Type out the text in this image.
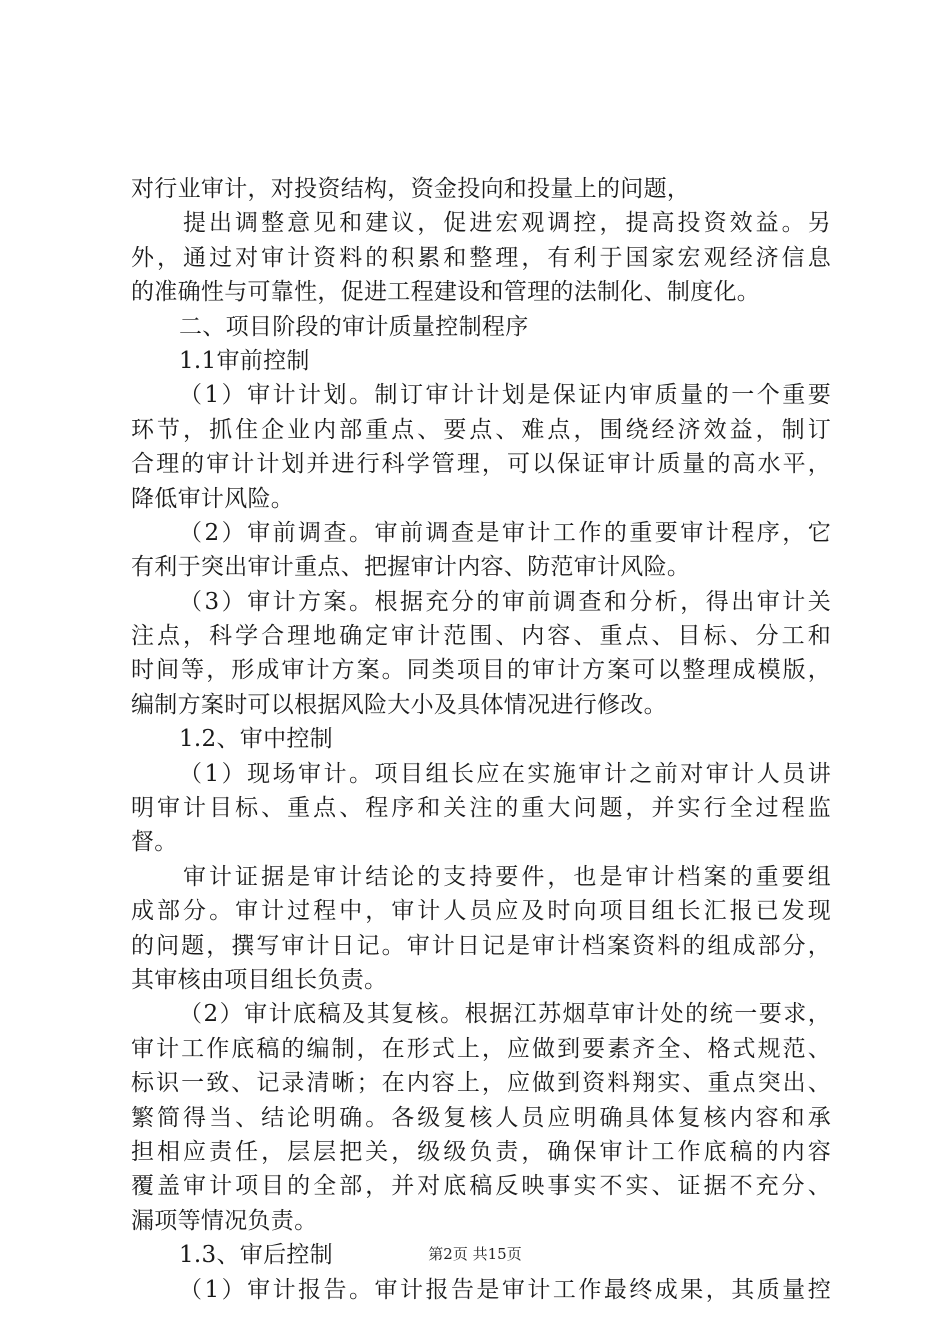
对行业审计，对投资结构，资金投向和投量上的问题，
提出调整意见和建议，促进宏观调控，提高投资效益。另
外，通过对审计资料的积累和整理，有利于国家宏观经济信息
的准确性与可靠性，促进工程建设和管理的法制化、制度化。
二、项目阶段的审计质量控制程序
1.1审前控制
（1）审计计划。制订审计计划是保证内审质量的一个重要
环节，抓住企业内部重点、要点、难点，围绕经济效益，制订
合理的审计计划并进行科学管理，可以保证审计质量的高水平，
降低审计风险。
（2）审前调查。审前调查是审计工作的重要审计程序，它
有利于突出审计重点、把握审计内容、防范审计风险。
（3）审计方案。根据充分的审前调查和分析，得出审计关
注点，科学合理地确定审计范围、内容、重点、目标、分工和
时间等，形成审计方案。同类项目的审计方案可以整理成模版，
编制方案时可以根据风险大小及具体情况进行修改。
1.2、审中控制
（1）现场审计。项目组长应在实施审计之前对审计人员讲
明审计目标、重点、程序和关注的重大问题，并实行全过程监
督。
审计证据是审计结论的支持要件，也是审计档案的重要组
成部分。审计过程中，审计人员应及时向项目组长汇报已发现
的问题，撰写审计日记。审计日记是审计档案资料的组成部分，
其审核由项目组长负责。
（2）审计底稿及其复核。根据江苏烟草审计处的统一要求，
审计工作底稿的编制，在形式上，应做到要素齐全、格式规范、
标识一致、记录清晰；在内容上，应做到资料翔实、重点突出、
繁简得当、结论明确。各级复核人员应明确具体复核内容和承
担相应责任，层层把关，级级负责，确保审计工作底稿的内容
覆盖审计项目的全部，并对底稿反映事实不实、证据不充分、
漏项等情况负责。
1.3、审后控制
（1）审计报告。审计报告是审计工作最终成果，其质量控
第2页 共15页
